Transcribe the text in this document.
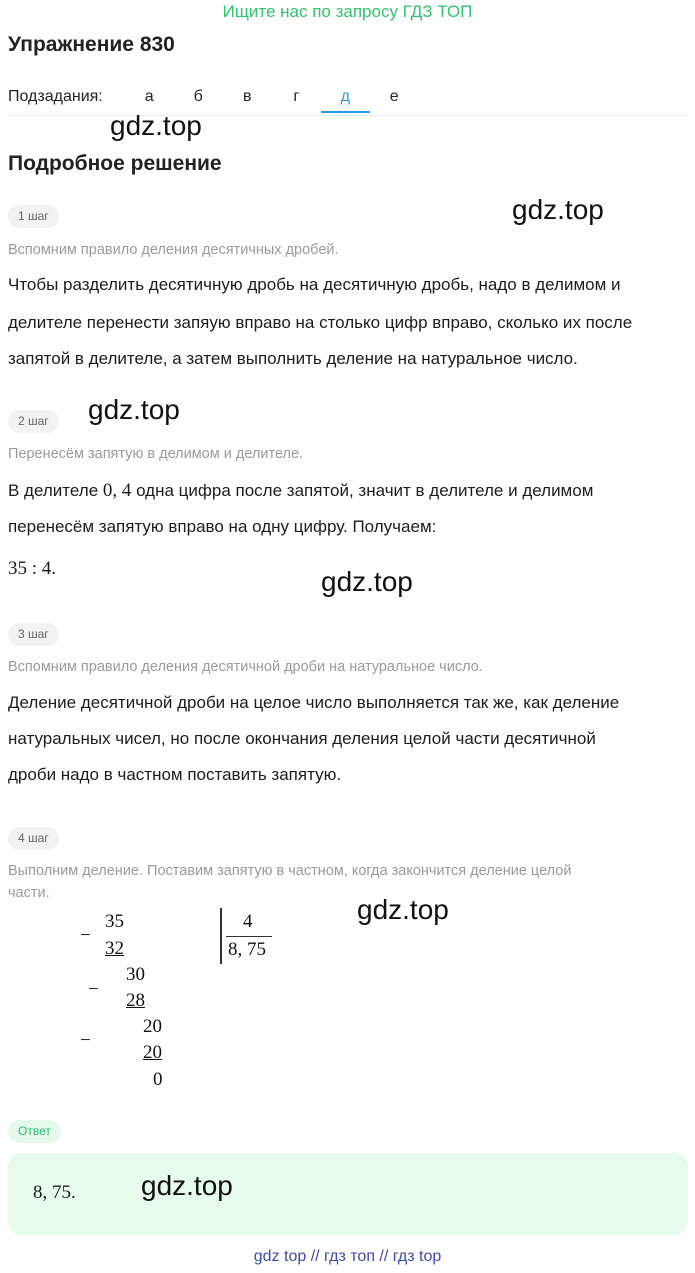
Ищите нас по запросу ГДЗ ТОП
Упражнение 830
Подзадания:	а	б	в	г	д	е
gdz.top
Подробное решение
1 шаг	gdz.top
Вспомним правило деления десятичных дробей.
Чтобы разделить десятичную дробь на десятичную дробь, надо в делимом и
делителе перенести запяую вправо на столько цифр вправо, сколько их после
запятой в делителе, а затем выполнить деление на натуральное число.
2 шаг	gdz.top
Перенесём запятую в делимом и делителе.
В делителе 0, 4 одна цифра после запятой, значит в делителе и делимом
перенесём запятую вправо на одну цифру. Получаем:
35 : 4.	gdz.top
3 шаг
Вспомним правило деления десятичной дроби на натуральное число.
Деление десятичной дроби на целое число выполняется так же, как деление
натуральных чисел, но после окончания деления целой части десятичной
дроби надо в частном поставить запятую.
4 шаг
Выполним деление. Поставим запятую в частном, когда закончится деление целой
части.
gdz.top
−
35
32
−
30
28
−
20
20
0
4
8, 75
Ответ
8, 75. gdz.top
gdz top // гдз топ // гдз top
